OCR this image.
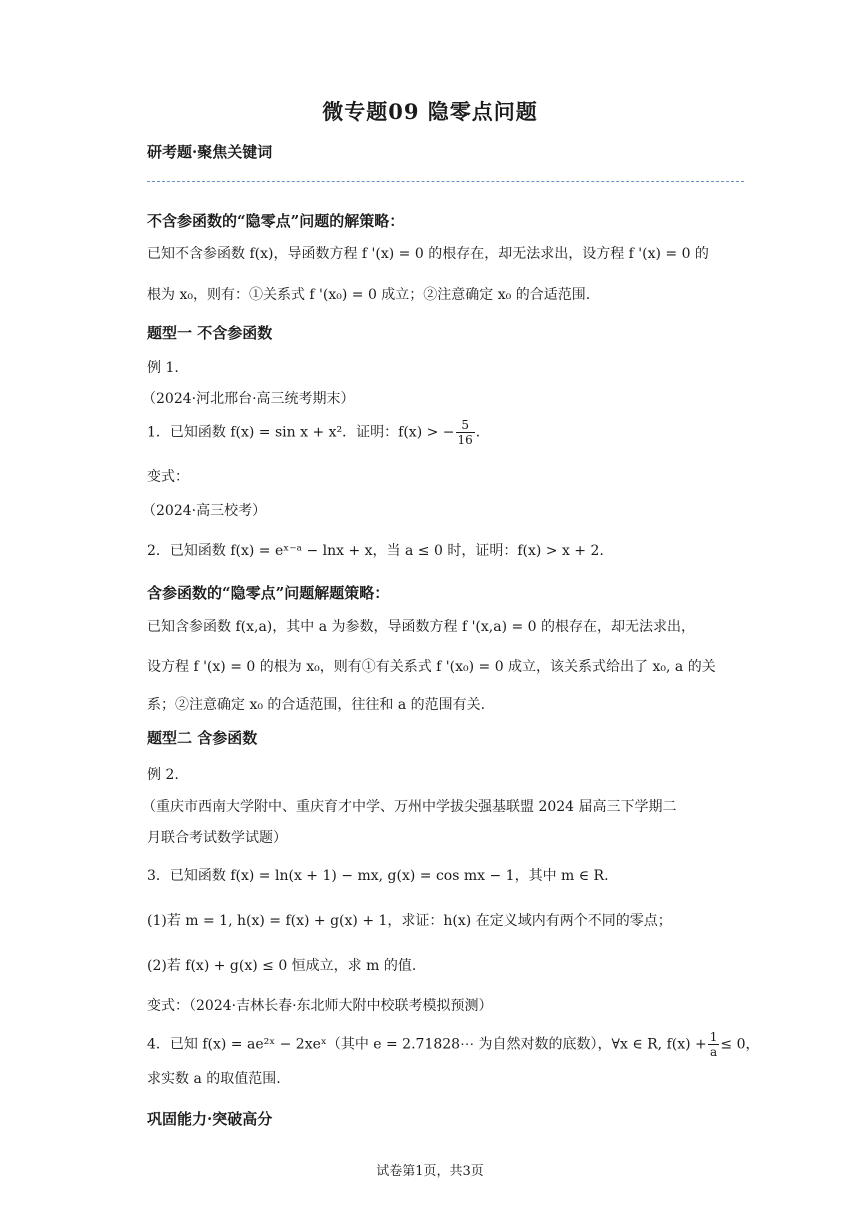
微专题09 隐零点问题
研考题·聚焦关键词
不含参函数的“隐零点”问题的解策略：
已知不含参函数 f(x)，导函数方程 f '(x) = 0 的根存在，却无法求出，设方程 f '(x) = 0 的
根为 x₀，则有：①关系式 f '(x₀) = 0 成立；②注意确定 x₀ 的合适范围.
题型一 不含参函数
例 1.
（2024·河北邢台·高三统考期末）
1．已知函数 f(x) = sin x + x²．证明：f(x) > − $\frac{5}{16}$ .
变式：
（2024·高三校考）
2．已知函数 f(x) = eˣ⁻ᵃ − lnx + x，当 a ≤ 0 时，证明：f(x) > x + 2.
含参函数的“隐零点”问题解题策略：
已知含参函数 f(x,a)，其中 a 为参数，导函数方程 f '(x,a) = 0 的根存在，却无法求出，
设方程 f '(x) = 0 的根为 x₀，则有①有关系式 f '(x₀) = 0 成立，该关系式给出了 x₀, a 的关
系；②注意确定 x₀ 的合适范围，往往和 a 的范围有关.
题型二 含参函数
例 2.
（重庆市西南大学附中、重庆育才中学、万州中学拔尖强基联盟 2024 届高三下学期二
月联合考试数学试题）
3．已知函数 f(x) = ln(x + 1) − mx, g(x) = cos mx − 1，其中 m ∈ R.
(1)若 m = 1, h(x) = f(x) + g(x) + 1，求证：h(x) 在定义域内有两个不同的零点；
(2)若 f(x) + g(x) ≤ 0 恒成立，求 m 的值.
变式：（2024·吉林长春·东北师大附中校联考模拟预测）
4．已知 f(x) = ae²ˣ − 2xeˣ（其中 e = 2.71828⋯ 为自然对数的底数），∀x ∈ R, $f(x) + \frac{1}{a} \le 0$，
求实数 a 的取值范围.
巩固能力·突破高分
试卷第1页，共3页
